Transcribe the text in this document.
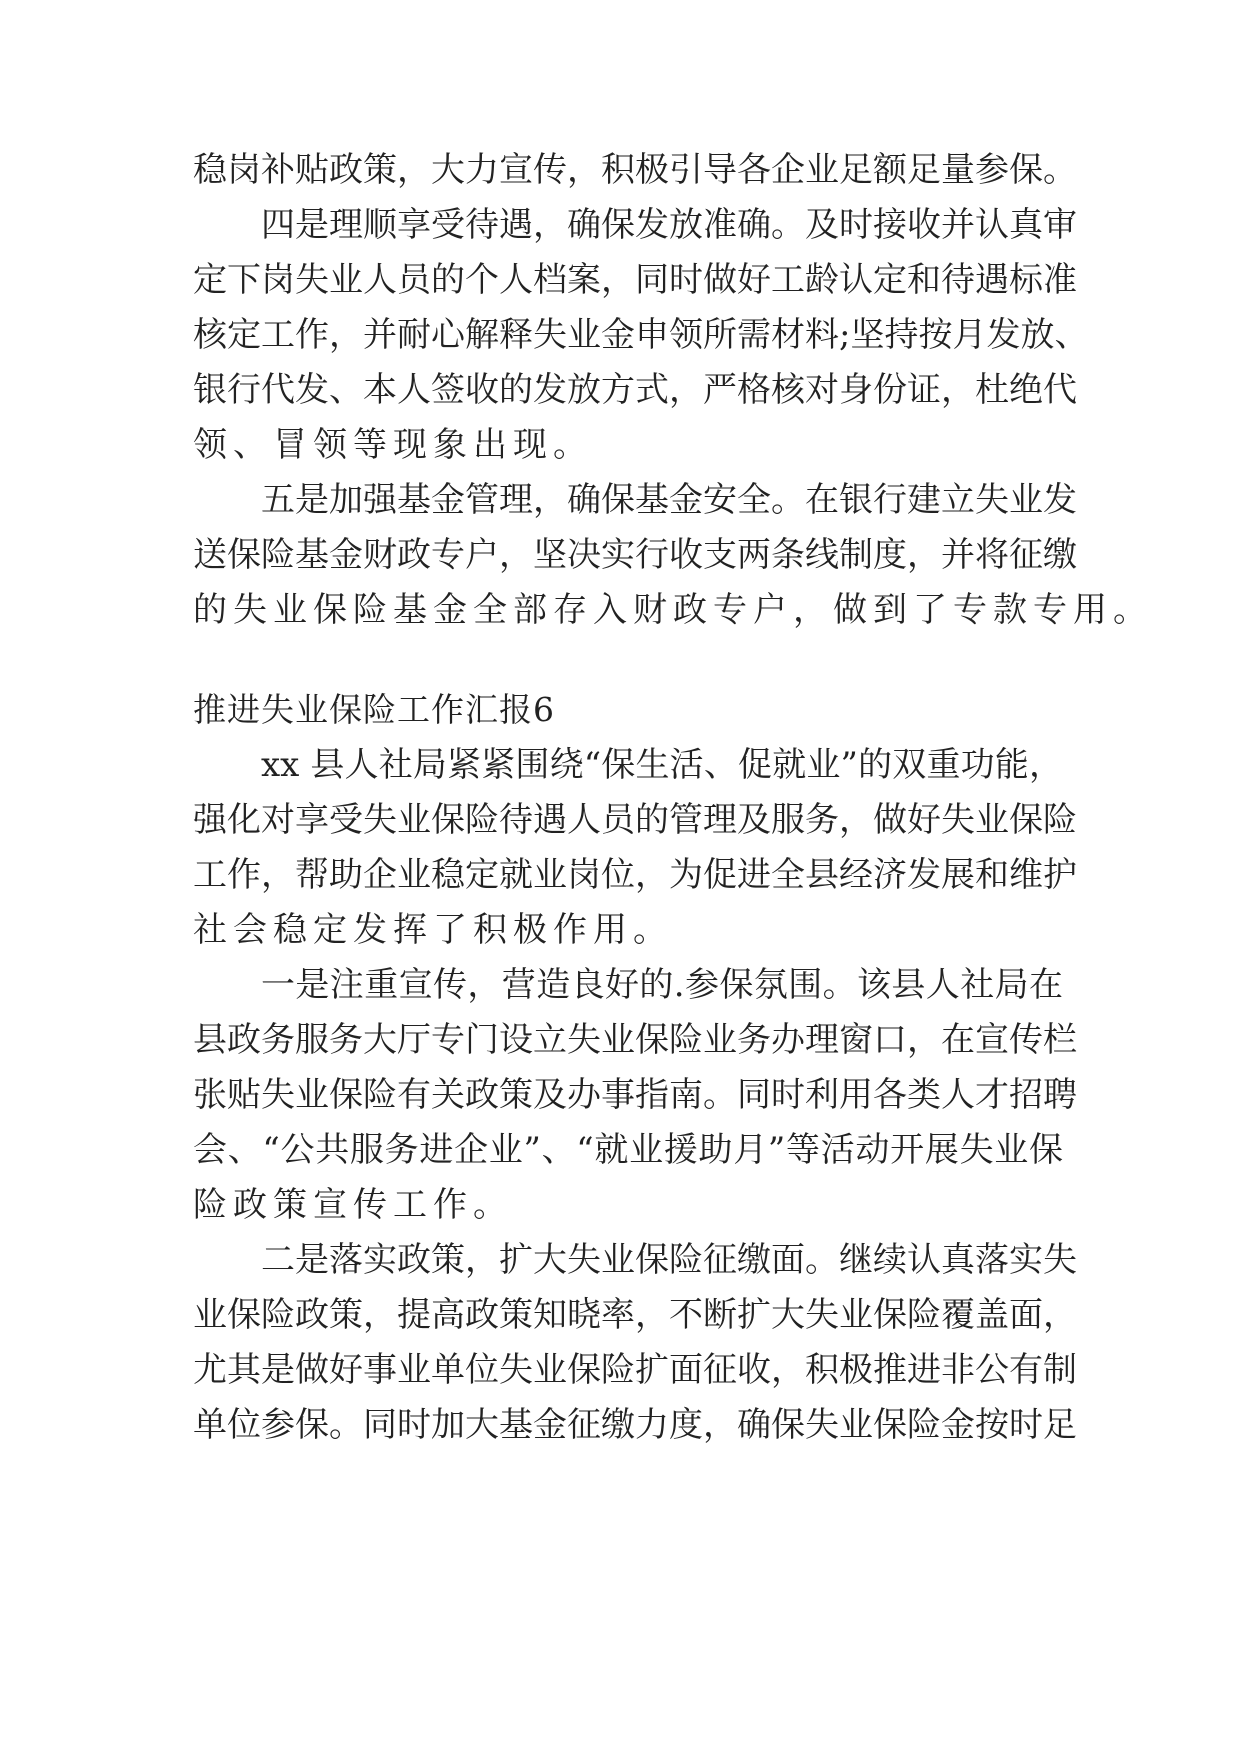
稳岗补贴政策，大力宣传，积极引导各企业足额足量参保。
四是理顺享受待遇，确保发放准确。及时接收并认真审
定下岗失业人员的个人档案，同时做好工龄认定和待遇标准
核定工作，并耐心解释失业金申领所需材料;坚持按月发放、
银行代发、本人签收的发放方式，严格核对身份证，杜绝代
领、冒领等现象出现。
五是加强基金管理，确保基金安全。在银行建立失业发
送保险基金财政专户，坚决实行收支两条线制度，并将征缴
的失业保险基金全部存入财政专户，做到了专款专用。
推进失业保险工作汇报6
xx 县人社局紧紧围绕“保生活、促就业”的双重功能，
强化对享受失业保险待遇人员的管理及服务，做好失业保险
工作，帮助企业稳定就业岗位，为促进全县经济发展和维护
社会稳定发挥了积极作用。
一是注重宣传，营造良好的.参保氛围。该县人社局在
县政务服务大厅专门设立失业保险业务办理窗口，在宣传栏
张贴失业保险有关政策及办事指南。同时利用各类人才招聘
会、“公共服务进企业”、“就业援助月”等活动开展失业保
险政策宣传工作。
二是落实政策，扩大失业保险征缴面。继续认真落实失
业保险政策，提高政策知晓率，不断扩大失业保险覆盖面，
尤其是做好事业单位失业保险扩面征收，积极推进非公有制
单位参保。同时加大基金征缴力度，确保失业保险金按时足
